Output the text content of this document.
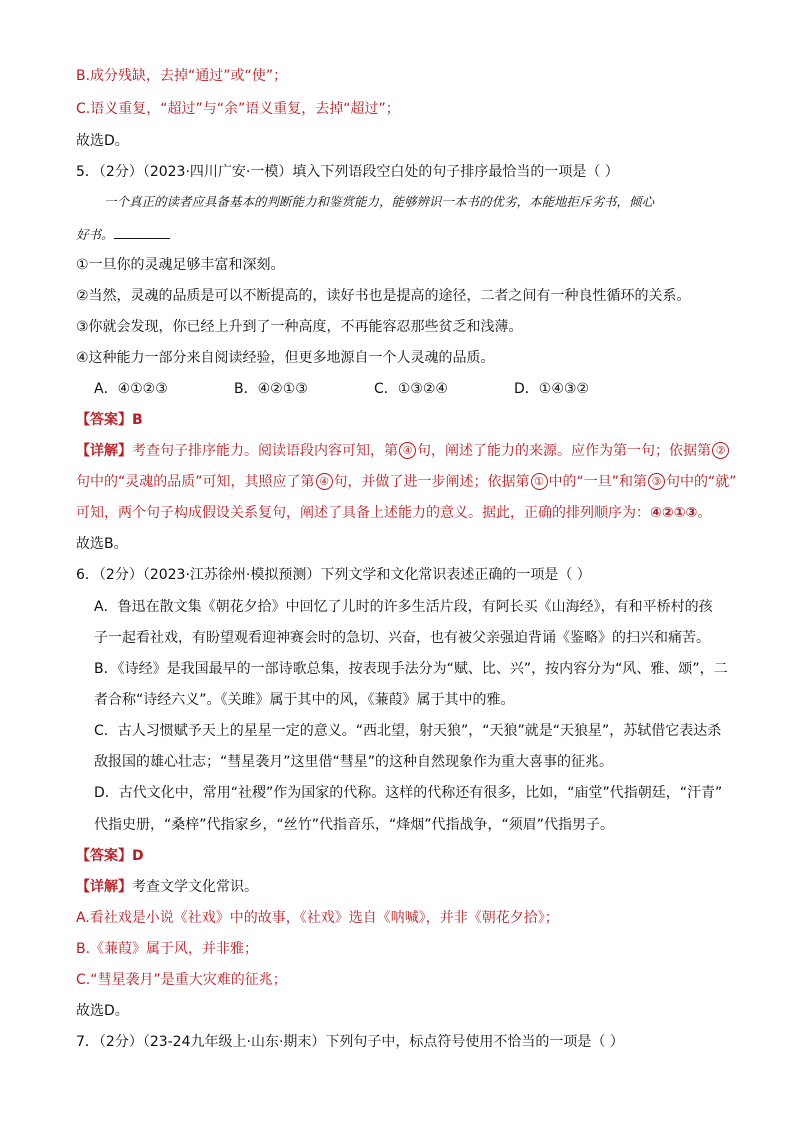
B.成分残缺，去掉“通过”或“使”；
C.语义重复，“超过”与“余”语义重复，去掉“超过”；
故选D。
5．（2分）（2023·四川广安·一模）填入下列语段空白处的句子排序最恰当的一项是（ ）
一个真正的读者应具备基本的判断能力和鉴赏能力，能够辨识一本书的优劣，本能地拒斥劣书，倾心
好书。
①一旦你的灵魂足够丰富和深刻。
②当然，灵魂的品质是可以不断提高的，读好书也是提高的途径，二者之间有一种良性循环的关系。
③你就会发现，你已经上升到了一种高度，不再能容忍那些贫乏和浅薄。
④这种能力一部分来自阅读经验，但更多地源自一个人灵魂的品质。
A．④①②③	B．④②①③	C．①③②④	D．①④③②
【答案】B
【详解】考查句子排序能力。阅读语段内容可知，第 ④ 句，阐述了能力的来源。应作为第一句；依据第 ②
句中的“灵魂的品质”可知，其照应了第 ④ 句，并做了进一步阐述；依据第 ① 中的“一旦”和第 ③ 句中的“就”
可知，两个句子构成假设关系复句，阐述了具备上述能力的意义。据此，正确的排列顺序为：④②①③。
故选B。
6．（2分）（2023·江苏徐州·模拟预测）下列文学和文化常识表述正确的一项是（ ）
A．鲁迅在散文集《朝花夕拾》中回忆了儿时的许多生活片段，有阿长买《山海经》，有和平桥村的孩
子一起看社戏，有盼望观看迎神赛会时的急切、兴奋，也有被父亲强迫背诵《鉴略》的扫兴和痛苦。
B．《诗经》是我国最早的一部诗歌总集，按表现手法分为“赋、比、兴”，按内容分为“风、雅、颂”，二
者合称“诗经六义”。《关雎》属于其中的风，《蒹葭》属于其中的雅。
C．古人习惯赋予天上的星星一定的意义。“西北望，射天狼”，“天狼”就是“天狼星”，苏轼借它表达杀
敌报国的雄心壮志；“彗星袭月”这里借“彗星”的这种自然现象作为重大喜事的征兆。
D．古代文化中，常用“社稷”作为国家的代称。这样的代称还有很多，比如，“庙堂”代指朝廷，“汗青”
代指史册，“桑梓”代指家乡，“丝竹”代指音乐，“烽烟”代指战争，“须眉”代指男子。
【答案】D
【详解】考查文学文化常识。
A.看社戏是小说《社戏》中的故事，《社戏》选自《呐喊》，并非《朝花夕拾》；
B.《蒹葭》属于风，并非雅；
C.“彗星袭月”是重大灾难的征兆；
故选D。
7．（2分）（23-24九年级上·山东·期末）下列句子中，标点符号使用不恰当的一项是（ ）
